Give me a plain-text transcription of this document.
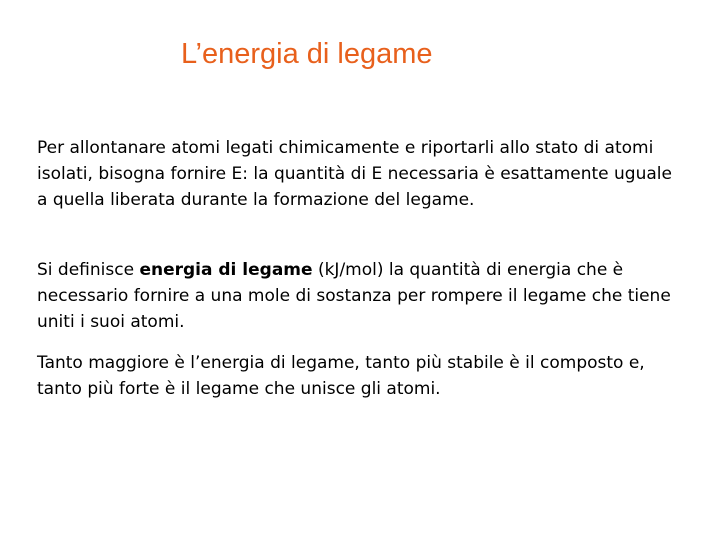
L’energia di legame

Per allontanare atomi legati chimicamente e riportarli allo stato di atomi isolati, bisogna fornire E: la quantità di E necessaria è esattamente uguale a quella liberata durante la formazione del legame.

Si definisce energia di legame (kJ/mol) la quantità di energia che è necessario fornire a una mole di sostanza per rompere il legame che tiene uniti i suoi atomi.

Tanto maggiore è l’energia di legame, tanto più stabile è il composto e, tanto più forte è il legame che unisce gli atomi.
